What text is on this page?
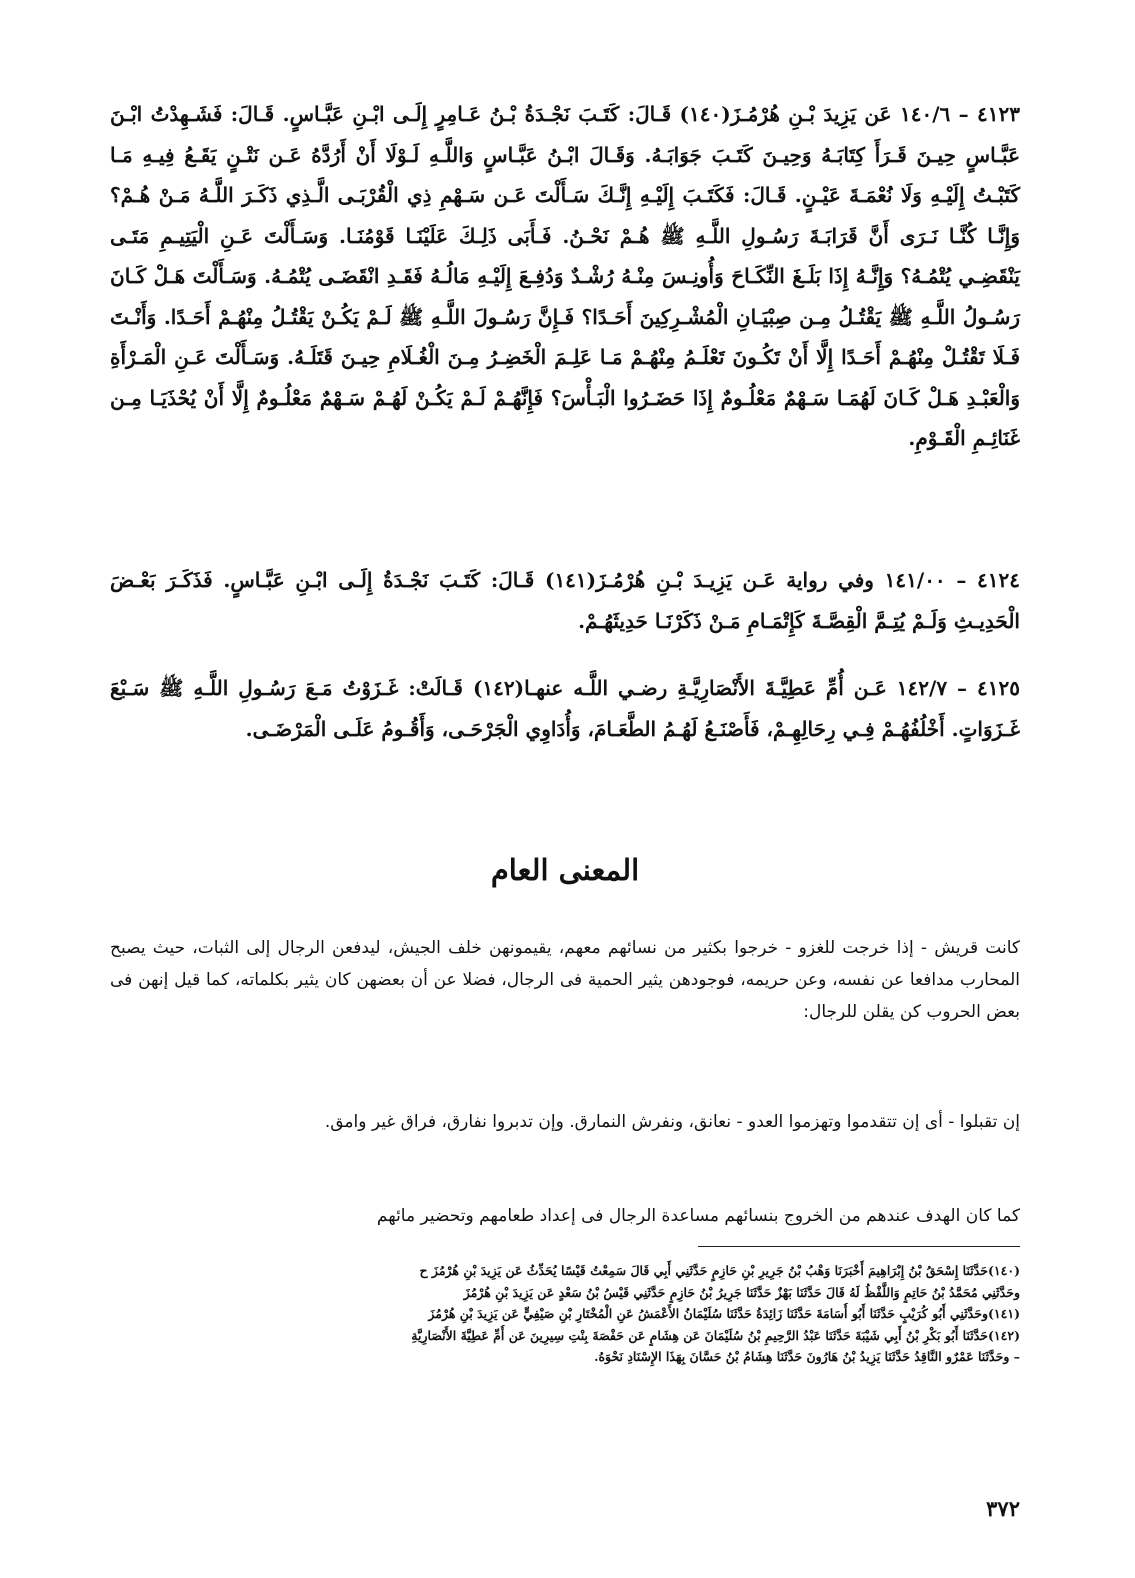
٤١٢٣ – ١٤٠/٦ عَن يَزِيدَ بْـنِ هُرْمُـزَ(١٤٠) قَـالَ: كَتَـبَ نَجْـدَةُ بْـنُ عَـامِرٍ إِلَـى ابْـنِ عَبَّـاسٍ. قَـالَ: فَشَـهِدْتُ ابْـنَ عَبَّـاسٍ حِيـنَ قَـرَأَ كِتَابَـهُ وَحِيـنَ كَتَـبَ جَوَابَـهُ. وَقَـالَ ابْـنُ عَبَّـاسٍ وَاللَّـهِ لَـوْلَا أَنْ أَرُدَّهُ عَـن نَتْـنٍ يَقَـعُ فِيـهِ مَـا كَتَبْـتُ إِلَيْـهِ وَلَا نُعْمَـةَ عَيْـنٍ. قَـالَ: فَكَتَـبَ إِلَيْـهِ إِنَّـكَ سَـأَلْتَ عَـن سَـهْمِ ذِي الْقُرْبَـى الَّـذِي ذَكَـرَ اللَّـهُ مَـنْ هُـمْ؟ وَإِنَّـا كُنَّـا نَـرَى أَنَّ قَرَابَـةَ رَسُـولِ اللَّـهِ ﷺ هُـمْ نَحْـنُ. فَـأَبَى ذَلِـكَ عَلَيْنَـا قَوْمُنَـا. وَسَـأَلْتَ عَـنِ الْيَتِيـمِ مَتَـى يَنْقَضِـي يُتْمُـهُ؟ وَإِنَّـهُ إِذَا بَلَـغَ النِّكَـاحَ وَأُونِـسَ مِنْـهُ رُشْـدٌ وَدُفِـعَ إِلَيْـهِ مَالُـهُ فَقَـدِ انْقَضَـى يُتْمُـهُ. وَسَـأَلْتَ هَـلْ كَـانَ رَسُـولُ اللَّـهِ ﷺ يَقْتُـلُ مِـن صِبْيَـانِ الْمُشْـرِكِينَ أَحَـدًا؟ فَـإِنَّ رَسُـولَ اللَّـهِ ﷺ لَـمْ يَكُـنْ يَقْتُـلُ مِنْهُـمْ أَحَـدًا. وَأَنْـتَ فَـلَا تَقْتُـلْ مِنْهُـمْ أَحَـدًا إِلَّا أَنْ تَكُـونَ تَعْلَـمُ مِنْهُـمْ مَـا عَلِـمَ الْخَضِـرُ مِـنَ الْغُـلَامِ حِيـنَ قَتَلَـهُ. وَسَـأَلْتَ عَـنِ الْمَـرْأَةِ وَالْعَبْـدِ هَـلْ كَـانَ لَهُمَـا سَـهْمٌ مَعْلُـومٌ إِذَا حَضَـرُوا الْبَـأْسَ؟ فَإِنَّهُـمْ لَـمْ يَكُـنْ لَهُـمْ سَـهْمٌ مَعْلُـومٌ إِلَّا أَنْ يُحْذَيَـا مِـن غَنَائِـمِ الْقَـوْمِ.
٤١٢٤ – ١٤١/٠٠ وفي رواية عَـن يَزِيـدَ بْـنِ هُرْمُـزَ(١٤١) قَـالَ: كَتَـبَ نَجْـدَةُ إِلَـى ابْـنِ عَبَّـاسٍ. فَذَكَـرَ بَعْـضَ الْحَدِيـثِ وَلَـمْ يُتِـمَّ الْقِصَّـةَ كَإِتْمَـامِ مَـنْ ذَكَرْنَـا حَدِيثَهُـمْ.
٤١٢٥ – ١٤٢/٧ عَـن أُمِّ عَطِيَّـةَ الأَنْصَارِيَّـةِ رضـي اللَّـه عنهـا(١٤٢) قَـالَتْ: غَـزَوْتُ مَـعَ رَسُـولِ اللَّـهِ ﷺ سَـبْعَ غَـزَوَاتٍ. أَخْلُفُهُـمْ فِـي رِحَالِهِـمْ، فَأَصْنَـعُ لَهُـمُ الطَّعَـامَ، وَأُدَاوِي الْجَرْحَـى، وَأَقُـومُ عَلَـى الْمَرْضَـى.
المعنى العام
كانت قريش - إذا خرجت للغزو - خرجوا بكثير من نسائهم معهم، يقيمونهن خلف الجيش، ليدفعن الرجال إلى الثبات، حيث يصبح المحارب مدافعا عن نفسه، وعن حريمه، فوجودهن يثير الحمية فى الرجال، فضلا عن أن بعضهن كان يثير بكلماته، كما قيل إنهن فى بعض الحروب كن يقلن للرجال:
إن تقبلوا - أى إن تتقدموا وتهزموا العدو - نعانق، ونفرش النمارق. وإن تدبروا نفارق، فراق غير وامق.
كما كان الهدف عندهم من الخروج بنسائهم مساعدة الرجال فى إعداد طعامهم وتحضير مائهم
(١٤٠)حَدَّثَنَا إِسْحَقُ بْنُ إِبْرَاهِيمَ أَخْبَرَنَا وَهْبُ بْنُ جَرِيرِ بْنِ حَازِمٍ حَدَّثَنِي أَبِي قَالَ سَمِعْتُ قَيْسًا يُحَدِّثُ عَن يَزِيدَ بْنِ هُرْمُزَ ح
وحَدَّثَنِي مُحَمَّدُ بْنُ حَاتِمٍ وَاللَّفْظُ لَهُ قَالَ حَدَّثَنَا بَهْزٌ حَدَّثَنَا جَرِيرُ بْنُ حَازِمٍ حَدَّثَنِي قَيْسُ بْنُ سَعْدٍ عَن يَزِيدَ بْنِ هُرْمُزَ
(١٤١)وحَدَّثَنِي أَبُو كُرَيْبٍ حَدَّثَنَا أَبُو أُسَامَةَ حَدَّثَنَا زَائِدَةُ حَدَّثَنَا سُلَيْمَانُ الأَعْمَشُ عَنِ الْمُخْتَارِ بْنِ صَيْفِيٍّ عَن يَزِيدَ بْنِ هُرْمُزَ
(١٤٢)حَدَّثَنَا أَبُو بَكْرِ بْنُ أَبِي شَيْبَةَ حَدَّثَنَا عَبْدُ الرَّحِيمِ بْنُ سُلَيْمَانَ عَن هِشَامٍ عَن حَفْصَةَ بِنْتِ سِيرِينَ عَن أُمِّ عَطِيَّةَ الأَنْصَارِيَّةِ
– وحَدَّثَنَا عَمْرٌو النَّاقِدُ حَدَّثَنَا يَزِيدُ بْنُ هَارُونَ حَدَّثَنَا هِشَامُ بْنُ حَسَّانَ بِهَذَا الإِسْنَادِ نَحْوَهُ.
٣٧٢
